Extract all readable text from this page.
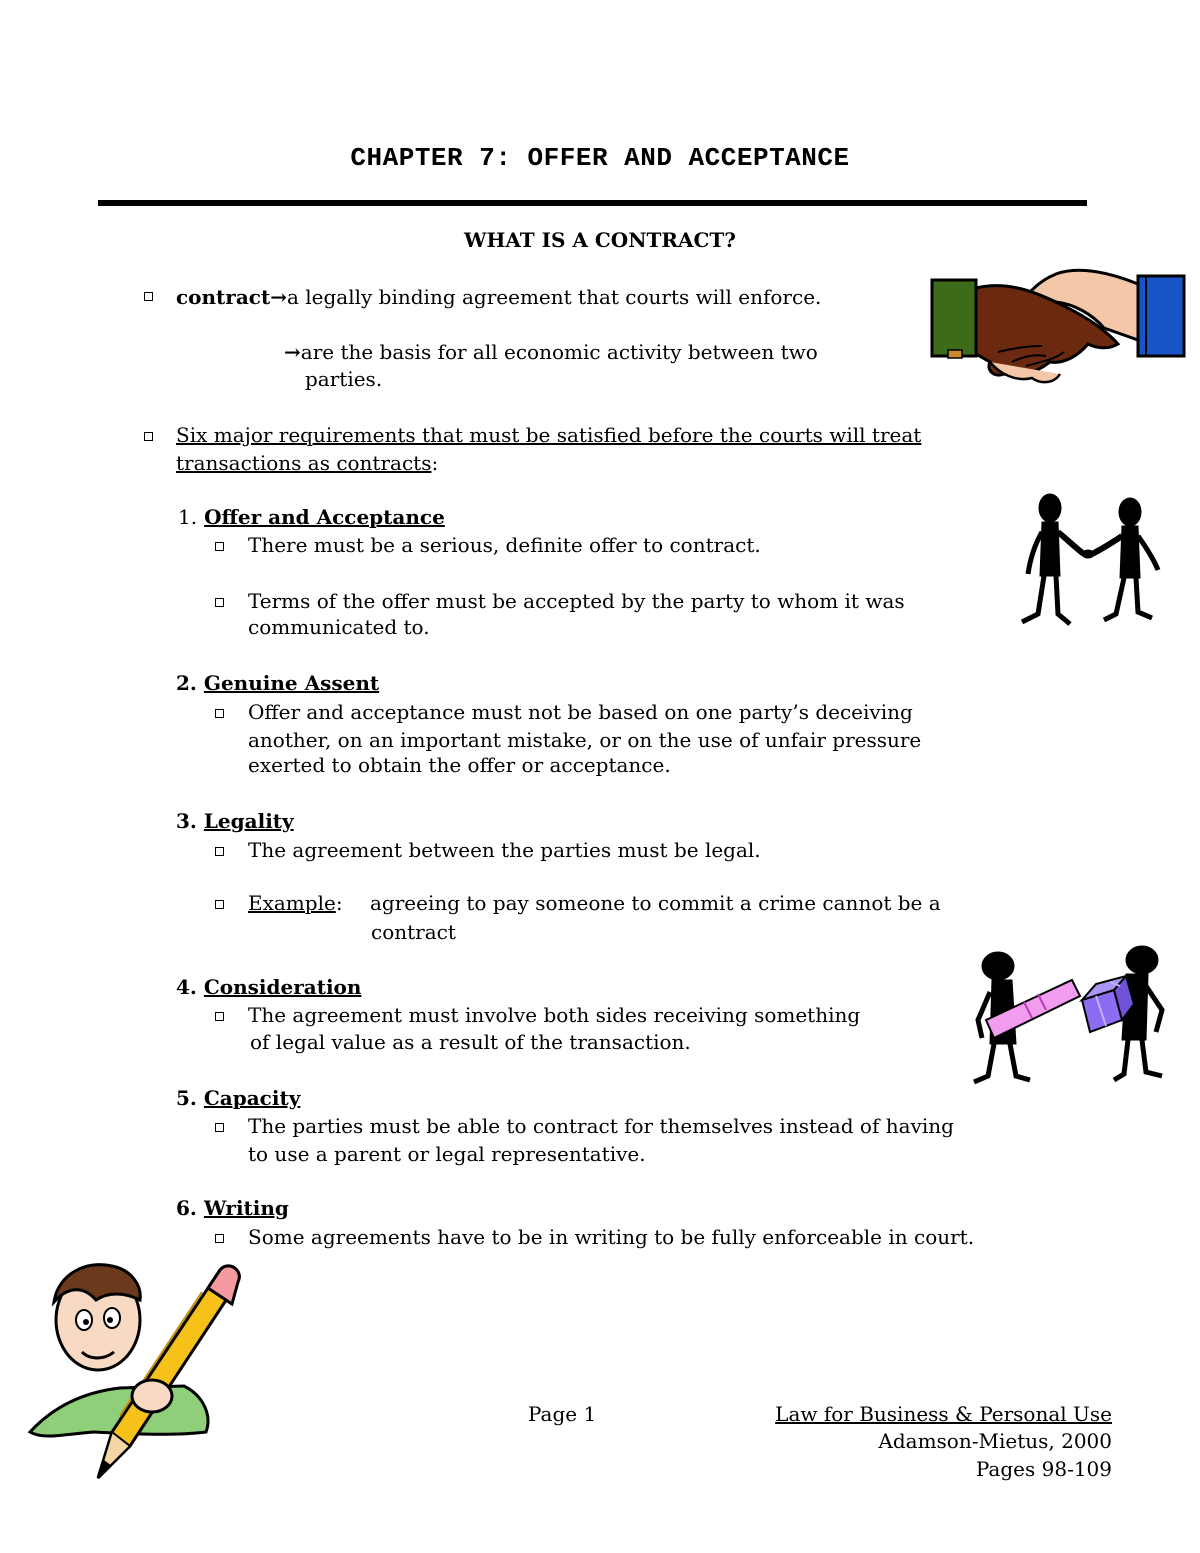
CHAPTER 7: OFFER AND ACCEPTANCE
WHAT IS A CONTRACT?
contract→a legally binding agreement that courts will enforce.
→are the basis for all economic activity between two
parties.
Six major requirements that must be satisfied before the courts will treat
transactions as contracts:
1. Offer and Acceptance
There must be a serious, definite offer to contract.
Terms of the offer must be accepted by the party to whom it was
communicated to.
2. Genuine Assent
Offer and acceptance must not be based on one party’s deceiving
another, on an important mistake, or on the use of unfair pressure
exerted to obtain the offer or acceptance.
3. Legality
The agreement between the parties must be legal.
Example: agreeing to pay someone to commit a crime cannot be a
contract
4. Consideration
The agreement must involve both sides receiving something
of legal value as a result of the transaction.
5. Capacity
The parties must be able to contract for themselves instead of having
to use a parent or legal representative.
6. Writing
Some agreements have to be in writing to be fully enforceable in court.
Page 1	Law for Business & Personal Use
Adamson-Mietus, 2000
Pages 98-109
